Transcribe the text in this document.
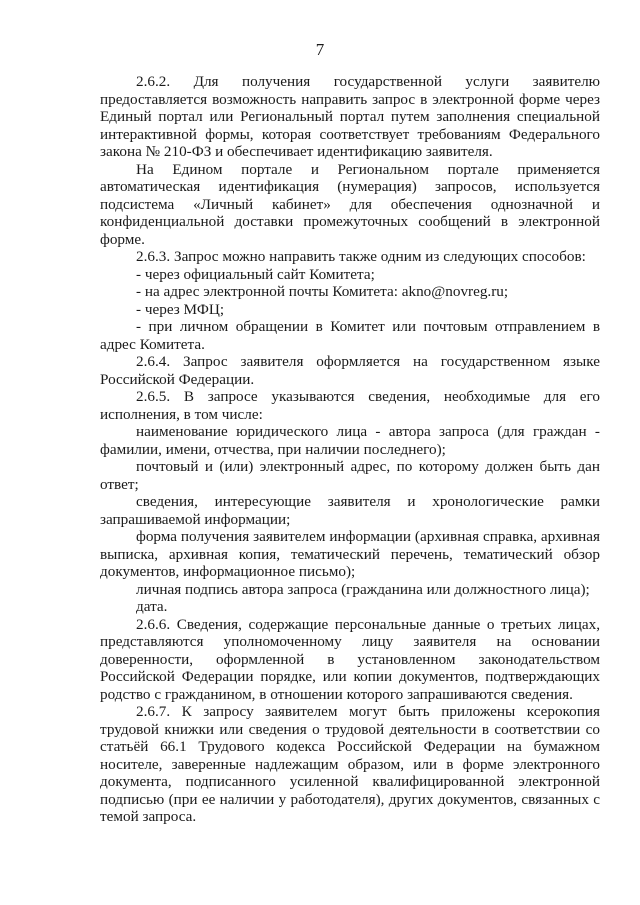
7

2.6.2. Для получения государственной услуги заявителю предоставляется возможность направить запрос в электронной форме через Единый портал или Региональный портал путем заполнения специальной интерактивной формы, которая соответствует требованиям Федерального закона № 210-ФЗ и обеспечивает идентификацию заявителя.

На Едином портале и Региональном портале применяется автоматическая идентификация (нумерация) запросов, используется подсистема «Личный кабинет» для обеспечения однозначной и конфиденциальной доставки промежуточных сообщений в электронной форме.

2.6.3. Запрос можно направить также одним из следующих способов:

- через официальный сайт Комитета;

- на адрес электронной почты Комитета: akno@novreg.ru;

- через МФЦ;

- при личном обращении в Комитет или почтовым отправлением в адрес Комитета.

2.6.4. Запрос заявителя оформляется на государственном языке Российской Федерации.

2.6.5. В запросе указываются сведения, необходимые для его исполнения, в том числе:

наименование юридического лица - автора запроса (для граждан - фамилии, имени, отчества, при наличии последнего);

почтовый и (или) электронный адрес, по которому должен быть дан ответ;

сведения, интересующие заявителя и хронологические рамки запрашиваемой информации;

форма получения заявителем информации (архивная справка, архивная выписка, архивная копия, тематический перечень, тематический обзор документов, информационное письмо);

личная подпись автора запроса (гражданина или должностного лица);

дата.

2.6.6. Сведения, содержащие персональные данные о третьих лицах, представляются уполномоченному лицу заявителя на основании доверенности, оформленной в установленном законодательством Российской Федерации порядке, или копии документов, подтверждающих родство с гражданином, в отношении которого запрашиваются сведения.

2.6.7. К запросу заявителем могут быть приложены ксерокопия трудовой книжки или сведения о трудовой деятельности в соответствии со статьёй 66.1 Трудового кодекса Российской Федерации на бумажном носителе, заверенные надлежащим образом, или в форме электронного документа, подписанного усиленной квалифицированной электронной подписью (при ее наличии у работодателя), других документов, связанных с темой запроса.
